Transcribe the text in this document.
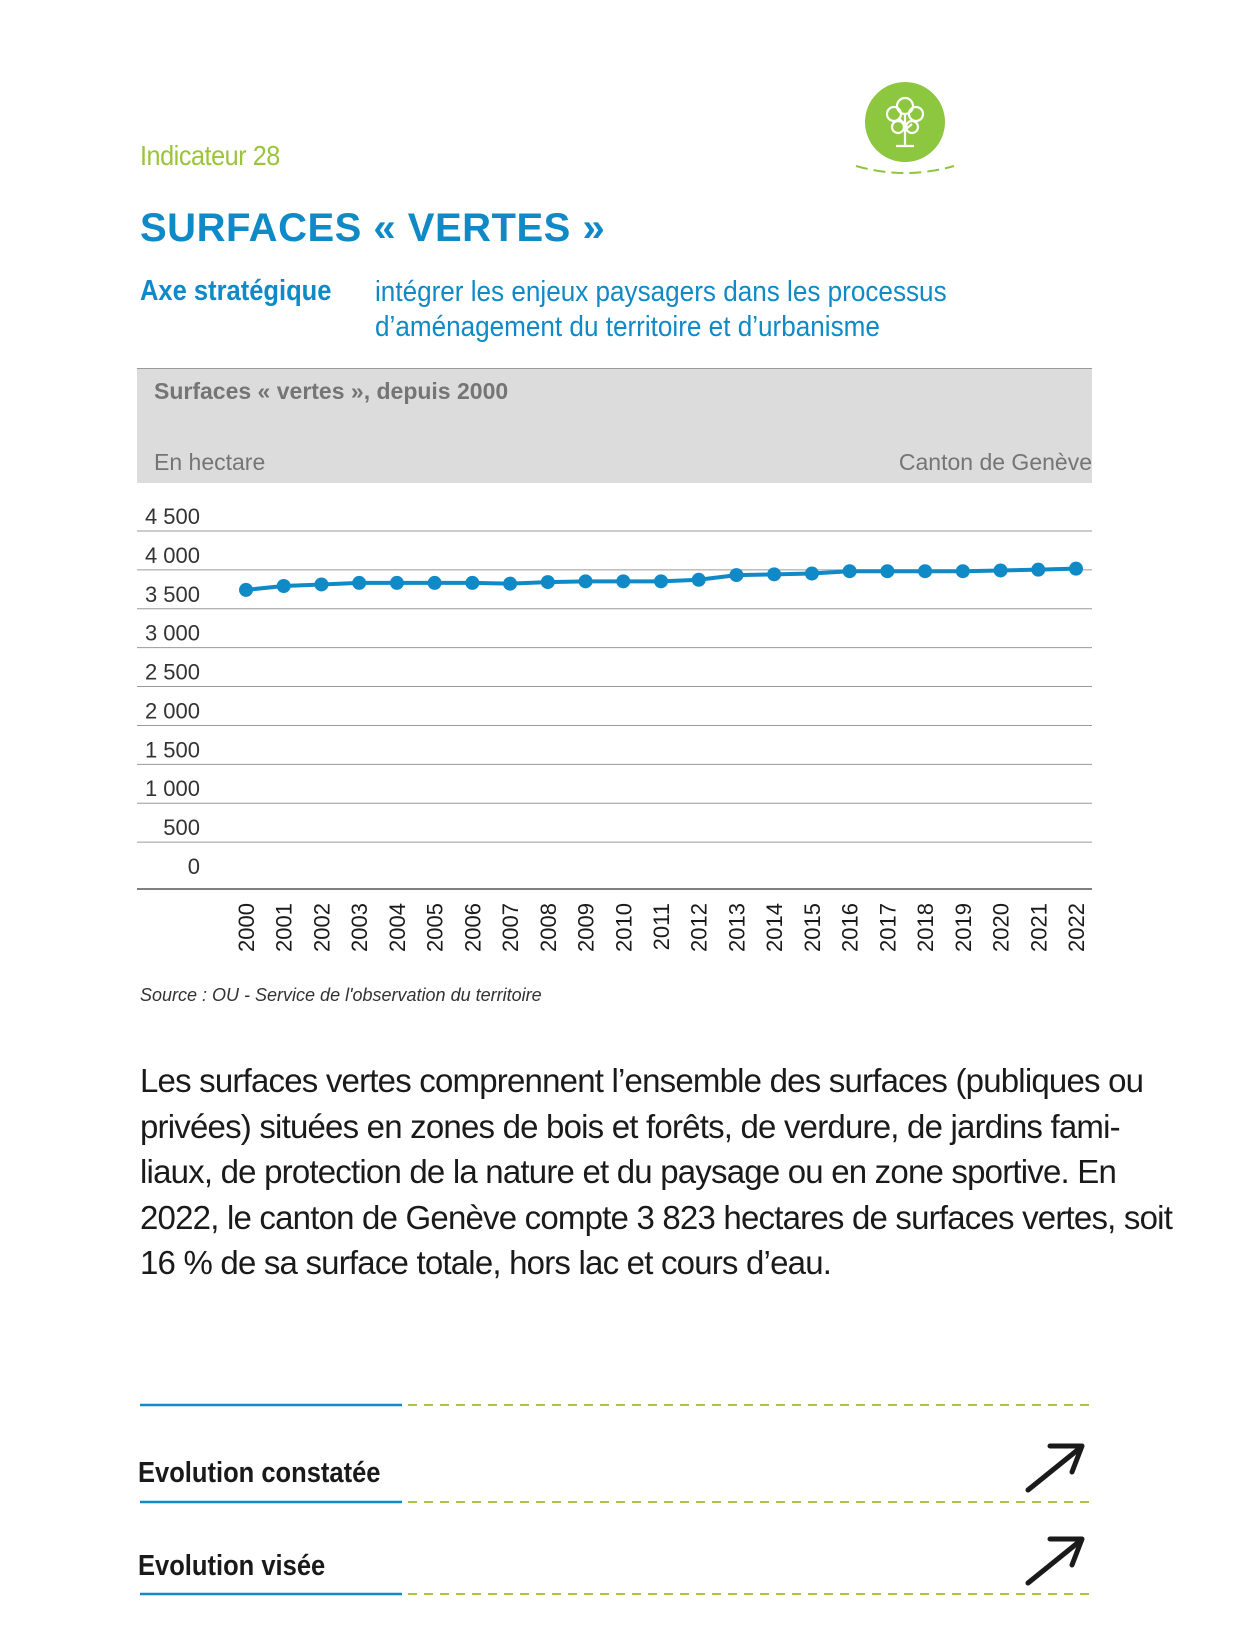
Indicateur 28
SURFACES « VERTES »
Axe stratégique intégrer les enjeux paysagers dans les processus
d’aménagement du territoire et d’urbanisme
Surfaces « vertes », depuis 2000
En hectare	Canton de Genève
0
500
1 000
1 500
2 000
2 500
3 000
3 500
4 000
4 500
2000 2001 2002 2003 2004 2005 2006 2007 2008 2009 2010 2011 2012 2013 2014 2015 2016 2017 2018 2019 2020 2021 2022
Source : OU - Service de l'observation du territoire
Les surfaces vertes comprennent l’ensemble des surfaces (publiques ou
privées) situées en zones de bois et forêts, de verdure, de jardins fami-
liaux, de protection de la nature et du paysage ou en zone sportive. En
2022, le canton de Genève compte 3 823 hectares de surfaces vertes, soit
16 % de sa surface totale, hors lac et cours d’eau.
Evolution constatée
Evolution visée
